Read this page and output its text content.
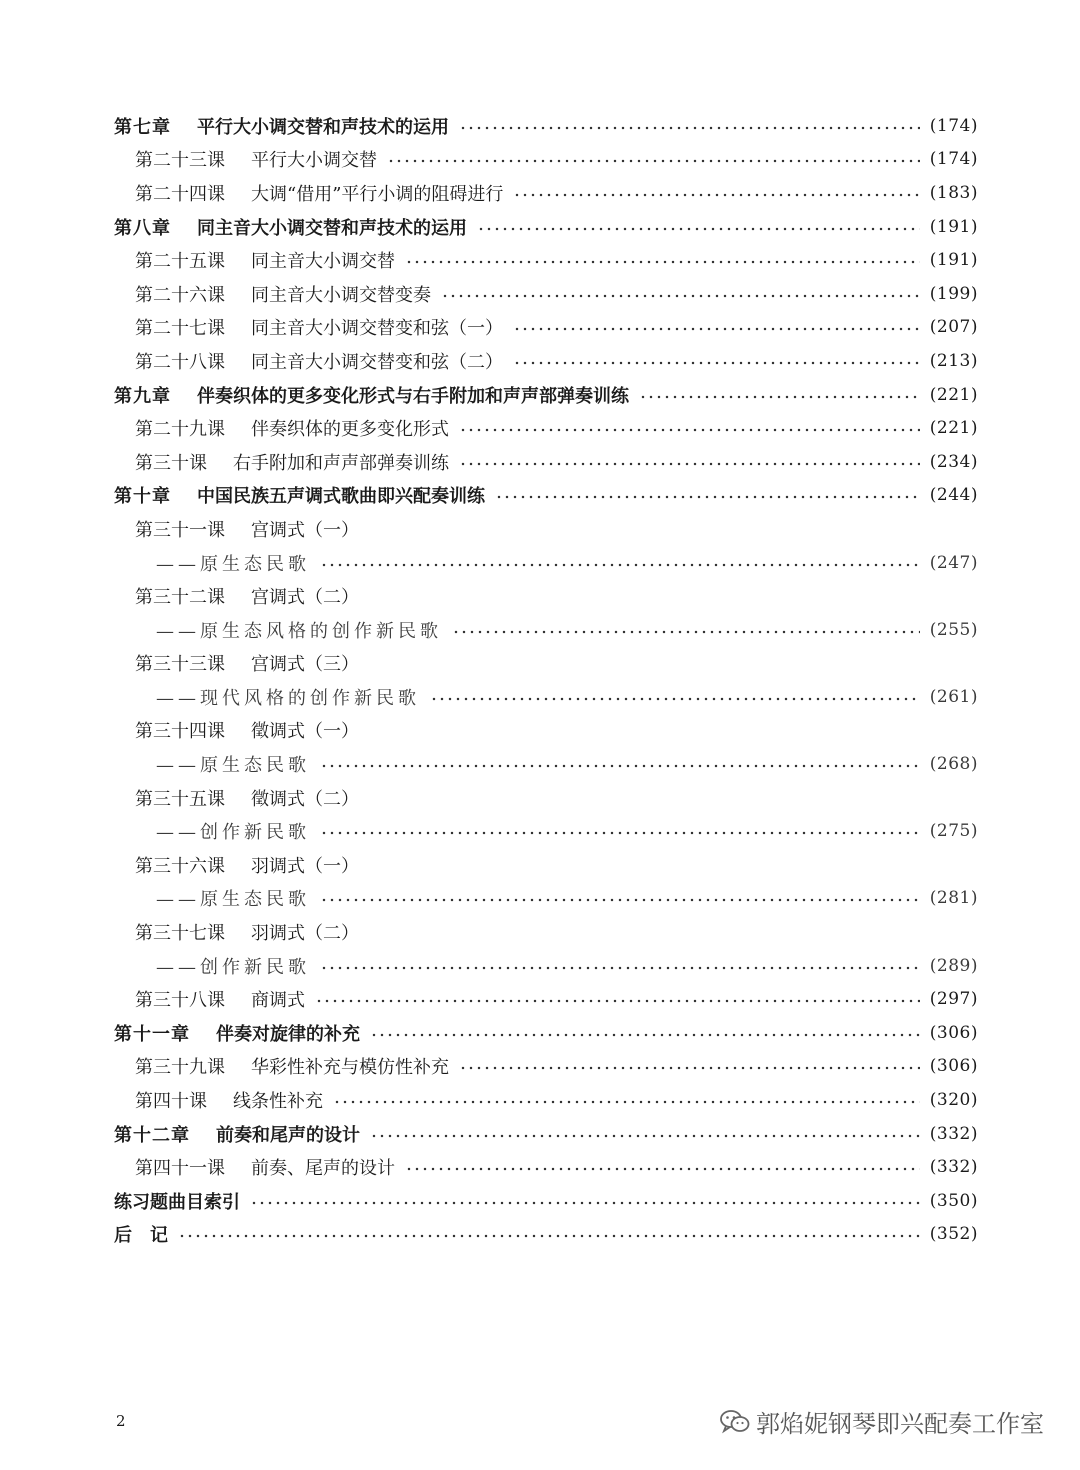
第七章 平行大小调交替和声技术的运用	(174)
第二十三课 平行大小调交替	(174)
第二十四课 大调“借用”平行小调的阻碍进行	(183)
第八章 同主音大小调交替和声技术的运用	(191)
第二十五课 同主音大小调交替	(191)
第二十六课 同主音大小调交替变奏	(199)
第二十七课 同主音大小调交替变和弦（一）	(207)
第二十八课 同主音大小调交替变和弦（二）	(213)
第九章 伴奏织体的更多变化形式与右手附加和声声部弹奏训练	(221)
第二十九课 伴奏织体的更多变化形式	(221)
第三十课 右手附加和声声部弹奏训练	(234)
第十章 中国民族五声调式歌曲即兴配奏训练	(244)
第三十一课 宫调式（一）
——原生态民歌	(247)
第三十二课 宫调式（二）
——原生态风格的创作新民歌	(255)
第三十三课 宫调式（三）
——现代风格的创作新民歌	(261)
第三十四课 徵调式（一）
——原生态民歌	(268)
第三十五课 徵调式（二）
——创作新民歌	(275)
第三十六课 羽调式（一）
——原生态民歌	(281)
第三十七课 羽调式（二）
——创作新民歌	(289)
第三十八课 商调式	(297)
第十一章 伴奏对旋律的补充	(306)
第三十九课 华彩性补充与模仿性补充	(306)
第四十课 线条性补充	(320)
第十二章 前奏和尾声的设计	(332)
第四十一课 前奏、尾声的设计	(332)
练习题曲目索引	(350)
后　记	(352)
2	郭焰妮钢琴即兴配奏工作室
